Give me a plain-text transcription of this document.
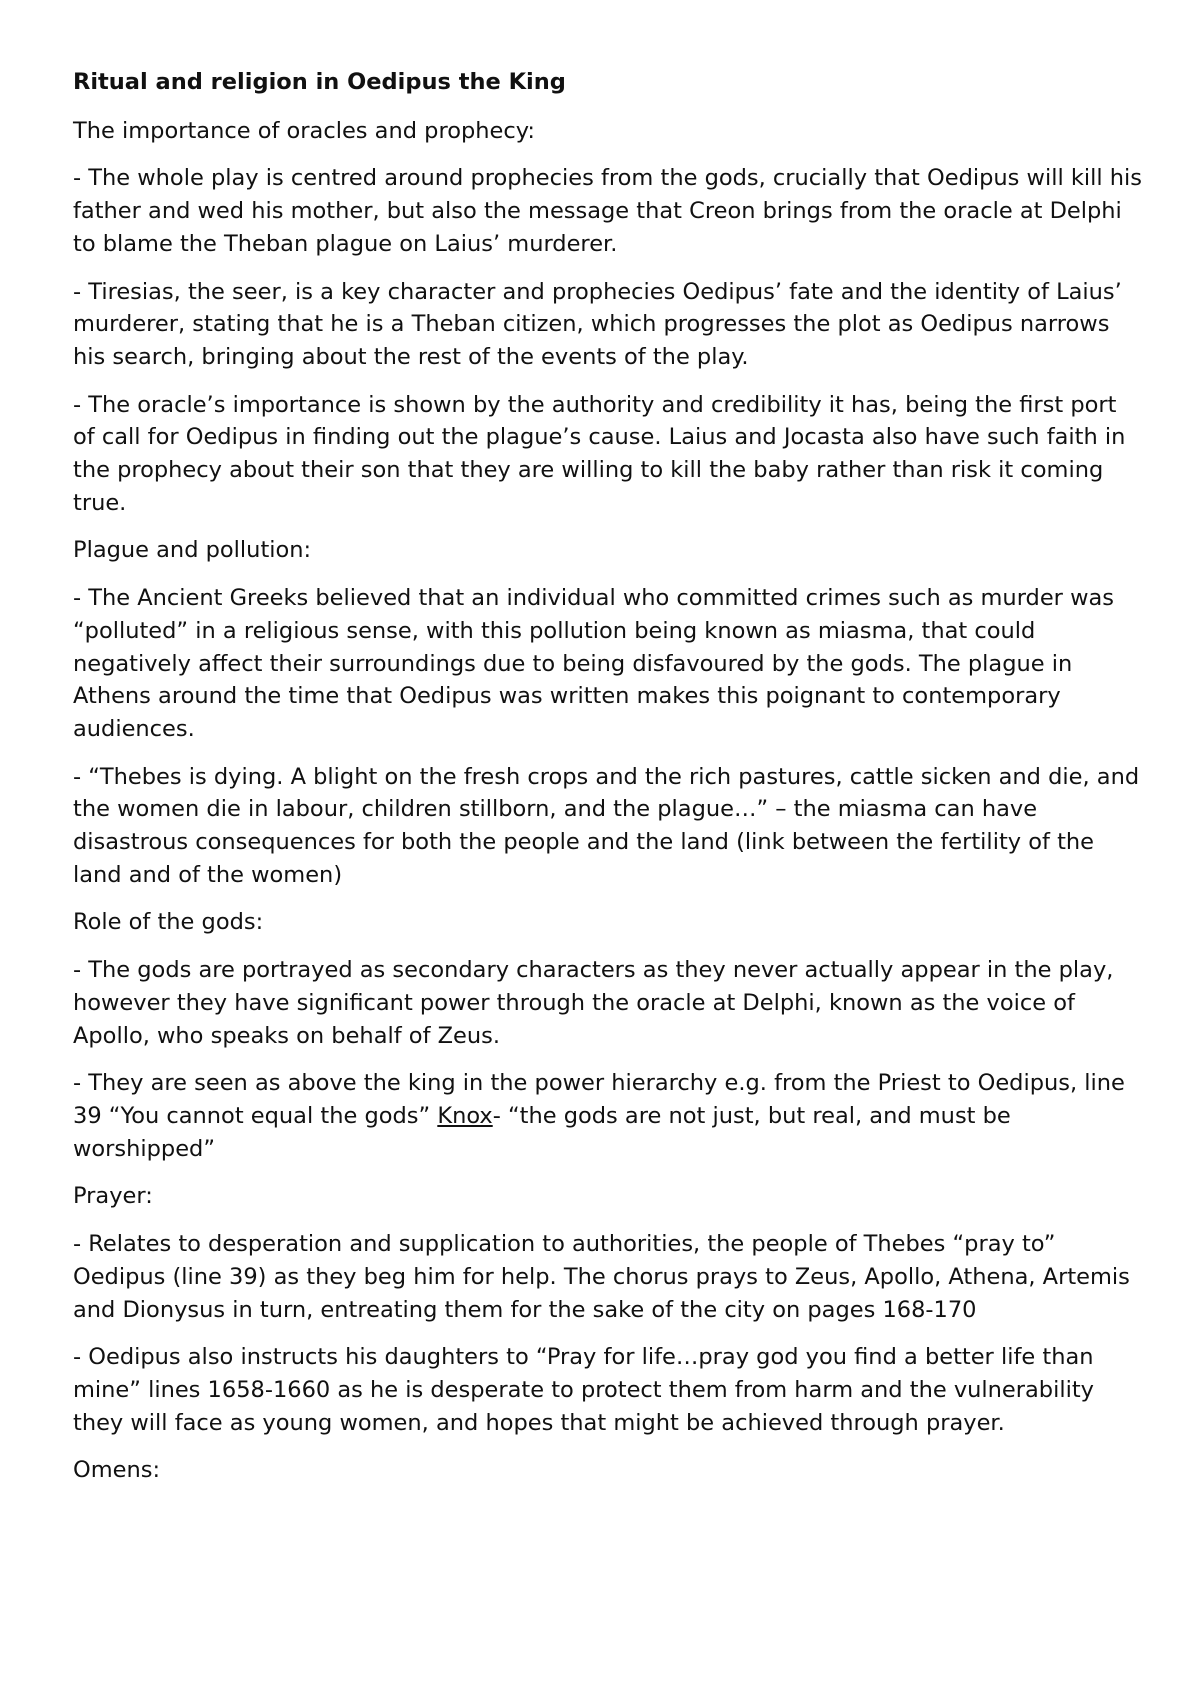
Ritual and religion in Oedipus the King

The importance of oracles and prophecy:

- The whole play is centred around prophecies from the gods, crucially that Oedipus will kill his father and wed his mother, but also the message that Creon brings from the oracle at Delphi to blame the Theban plague on Laius’ murderer.

- Tiresias, the seer, is a key character and prophecies Oedipus’ fate and the identity of Laius’ murderer, stating that he is a Theban citizen, which progresses the plot as Oedipus narrows his search, bringing about the rest of the events of the play.

- The oracle’s importance is shown by the authority and credibility it has, being the first port of call for Oedipus in finding out the plague’s cause. Laius and Jocasta also have such faith in the prophecy about their son that they are willing to kill the baby rather than risk it coming true.

Plague and pollution:

- The Ancient Greeks believed that an individual who committed crimes such as murder was “polluted” in a religious sense, with this pollution being known as miasma, that could negatively affect their surroundings due to being disfavoured by the gods. The plague in Athens around the time that Oedipus was written makes this poignant to contemporary audiences.

- “Thebes is dying. A blight on the fresh crops and the rich pastures, cattle sicken and die, and the women die in labour, children stillborn, and the plague…” – the miasma can have disastrous consequences for both the people and the land (link between the fertility of the land and of the women)

Role of the gods:

- The gods are portrayed as secondary characters as they never actually appear in the play, however they have significant power through the oracle at Delphi, known as the voice of Apollo, who speaks on behalf of Zeus.

- They are seen as above the king in the power hierarchy e.g. from the Priest to Oedipus, line 39 “You cannot equal the gods” Knox- “the gods are not just, but real, and must be worshipped”

Prayer:

- Relates to desperation and supplication to authorities, the people of Thebes “pray to” Oedipus (line 39) as they beg him for help. The chorus prays to Zeus, Apollo, Athena, Artemis and Dionysus in turn, entreating them for the sake of the city on pages 168-170

- Oedipus also instructs his daughters to “Pray for life…pray god you find a better life than mine” lines 1658-1660 as he is desperate to protect them from harm and the vulnerability they will face as young women, and hopes that might be achieved through prayer.

Omens:
